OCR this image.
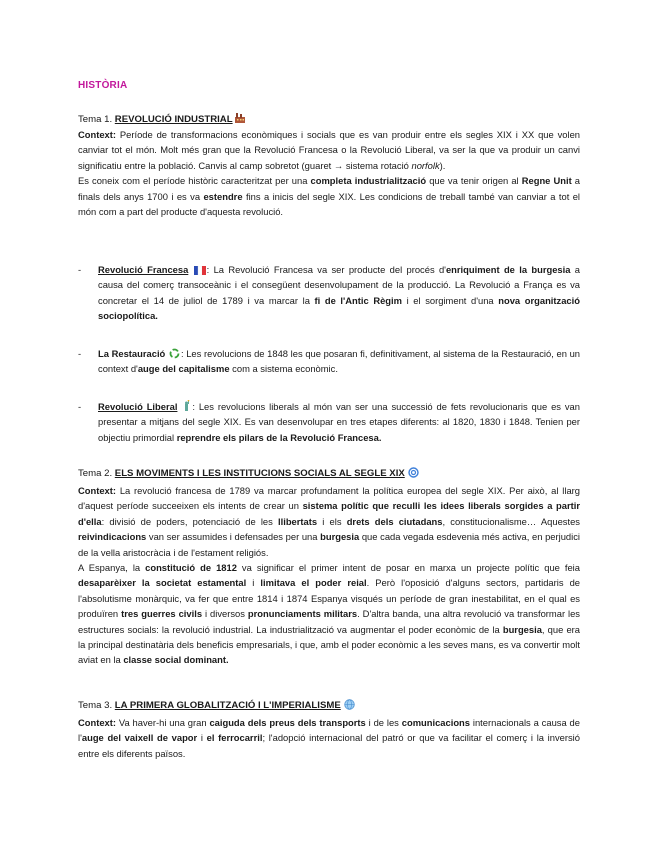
HISTÒRIA
Tema 1. REVOLUCIÓ INDUSTRIAL

Context: Període de transformacions econòmiques i socials que es van produir entre els segles XIX i XX que volen canviar tot el món. Molt més gran que la Revolució Francesa o la Revolució Liberal, va ser la que va produir un canvi significatiu entre la població. Canvis al camp sobretot (guaret → sistema rotació norfolk).

Es coneix com el període històric caracteritzat per una completa industrialització que va tenir origen al Regne Unit a finals dels anys 1700 i es va estendre fins a inicis del segle XIX. Les condicions de treball també van canviar a tot el món com a part del producte d'aquesta revolució.

- Revolució Francesa : La Revolució Francesa va ser producte del procés d'enriquiment de la burgesia a causa del comerç transoceànic i el consegüent desenvolupament de la producció. La Revolució a França es va concretar el 14 de juliol de 1789 i va marcar la fi de l'Antic Règim i el sorgiment d'una nova organització sociopolítica.

- La Restauració : Les revolucions de 1848 les que posaran fi, definitivament, al sistema de la Restauració, en un context d'auge del capitalisme com a sistema econòmic.

- Revolució Liberal : Les revolucions liberals al món van ser una successió de fets revolucionaris que es van presentar a mitjans del segle XIX. Es van desenvolupar en tres etapes diferents: al 1820, 1830 i 1848. Tenien per objectiu primordial reprendre els pilars de la Revolució Francesa.

Tema 2. ELS MOVIMENTS I LES INSTITUCIONS SOCIALS AL SEGLE XIX

Context: La revolució francesa de 1789 va marcar profundament la política europea del segle XIX. Per això, al llarg d'aquest període succeeixen els intents de crear un sistema polític que reculli les idees liberals sorgides a partir d'ella: divisió de poders, potenciació de les llibertats i els drets dels ciutadans, constitucionalisme… Aquestes reivindicacions van ser assumides i defensades per una burgesia que cada vegada esdevenia més activa, en perjudici de la vella aristocràcia i de l'estament religiós.

A Espanya, la constitució de 1812 va significar el primer intent de posar en marxa un projecte polític que feia desaparèixer la societat estamental i limitava el poder reial. Però l'oposició d'alguns sectors, partidaris de l'absolutisme monàrquic, va fer que entre 1814 i 1874 Espanya visqués un període de gran inestabilitat, en el qual es produïren tres guerres civils i diversos pronunciaments militars. D'altra banda, una altra revolució va transformar les estructures socials: la revolució industrial. La industrialització va augmentar el poder econòmic de la burgesia, que era la principal destinatària dels beneficis empresarials, i que, amb el poder econòmic a les seves mans, es va convertir molt aviat en la classe social dominant.

Tema 3. LA PRIMERA GLOBALITZACIÓ I L'IMPERIALISME

Context: Va haver-hi una gran caiguda dels preus dels transports i de les comunicacions internacionals a causa de l'auge del vaixell de vapor i el ferrocarril; l'adopció internacional del patró or que va facilitar el comerç i la inversió entre els diferents països.
